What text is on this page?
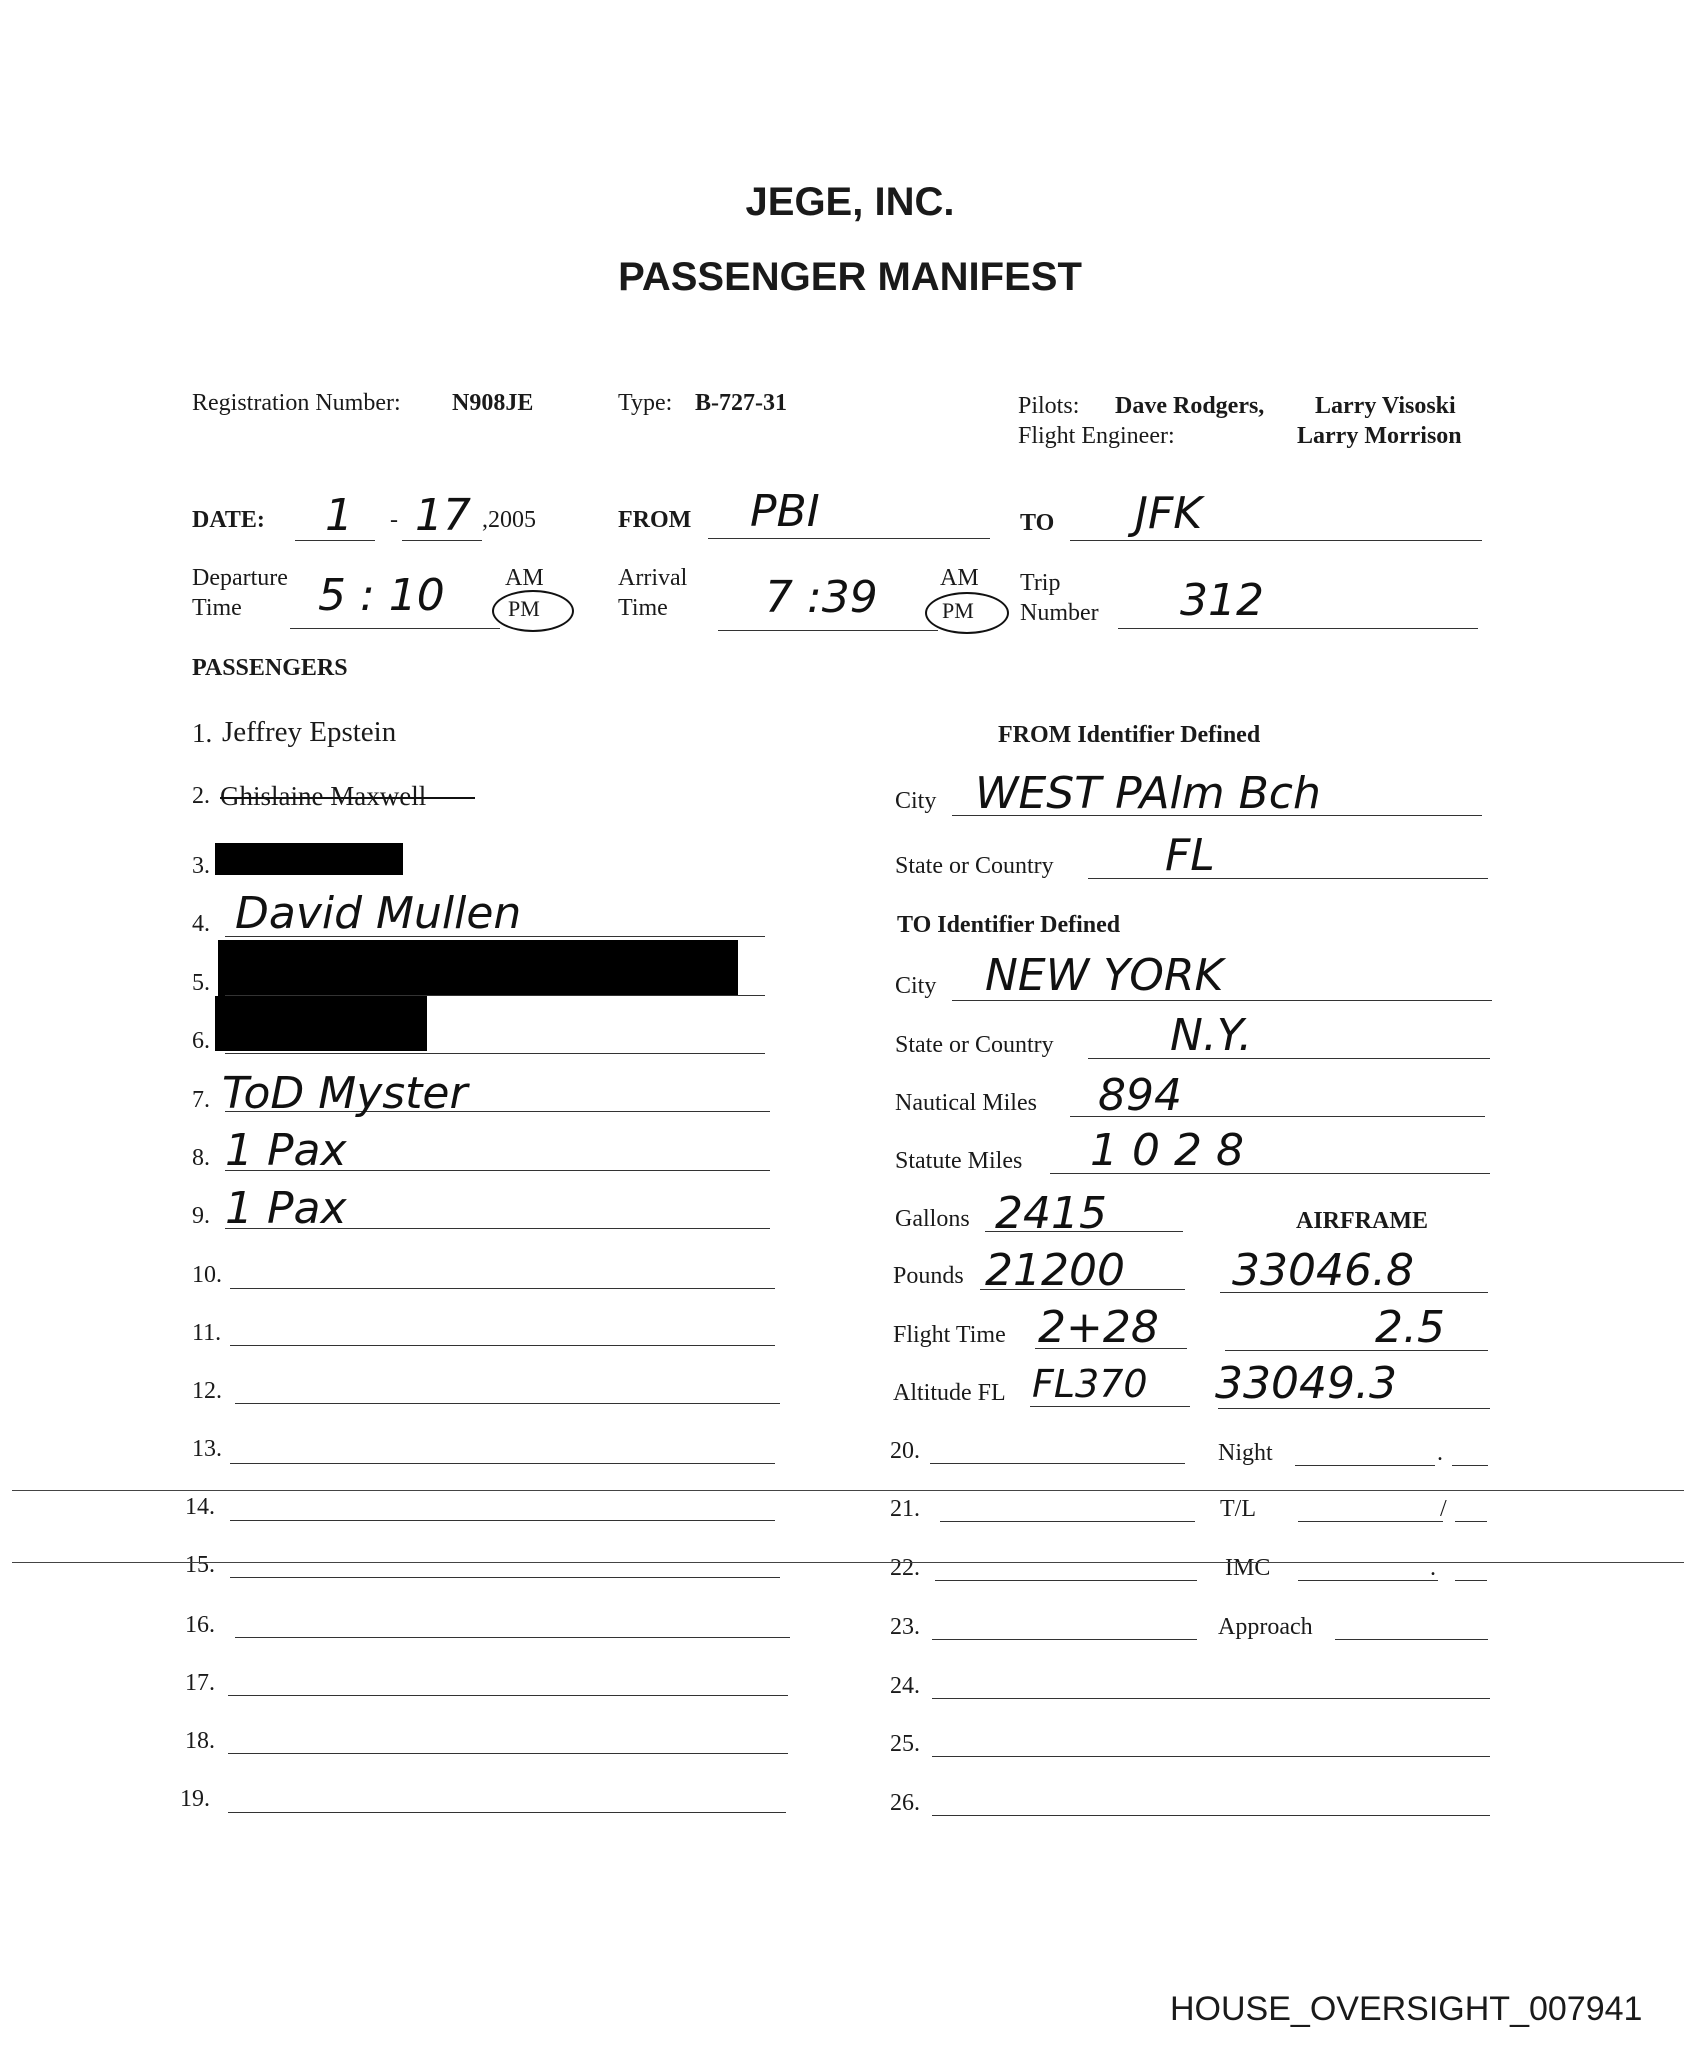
JEGE, INC.
PASSENGER MANIFEST
Registration Number: N908JE	Type: B-727-31	Pilots: Dave Rodgers, Larry Visoski
Flight Engineer:	Larry Morrison
DATE: 1 - 17 ,2005	FROM PBI	TO JFK
Departure
Time 5 : 10	AM
PM
Arrival
Time 7 :39	AM
PM
Trip
Number 312
PASSENGERS
1. Jeffrey Epstein
2. Ghislaine Maxwell
3.
4. David Mullen
5.
6.
7. ToD Myster
8. 1 Pax
9. 1 Pax
10.
11.
12.
13.
14.
15.
16.
17.
18.
19.
FROM Identifier Defined
City WEST PAlm Bch
State or Country	FL
TO Identifier Defined
City NEW YORK
State or Country	N.Y.
Nautical Miles 894
Statute Miles 1028
Gallons 2415	AIRFRAME
Pounds 21200 33046.8
Flight Time 2+28	2.5
Altitude FL FL370 33049.3
20.	Night	.
21.	T/L	/
22.	IMC	.
23.	Approach
24.
25.
26.
HOUSE_OVERSIGHT_007941
